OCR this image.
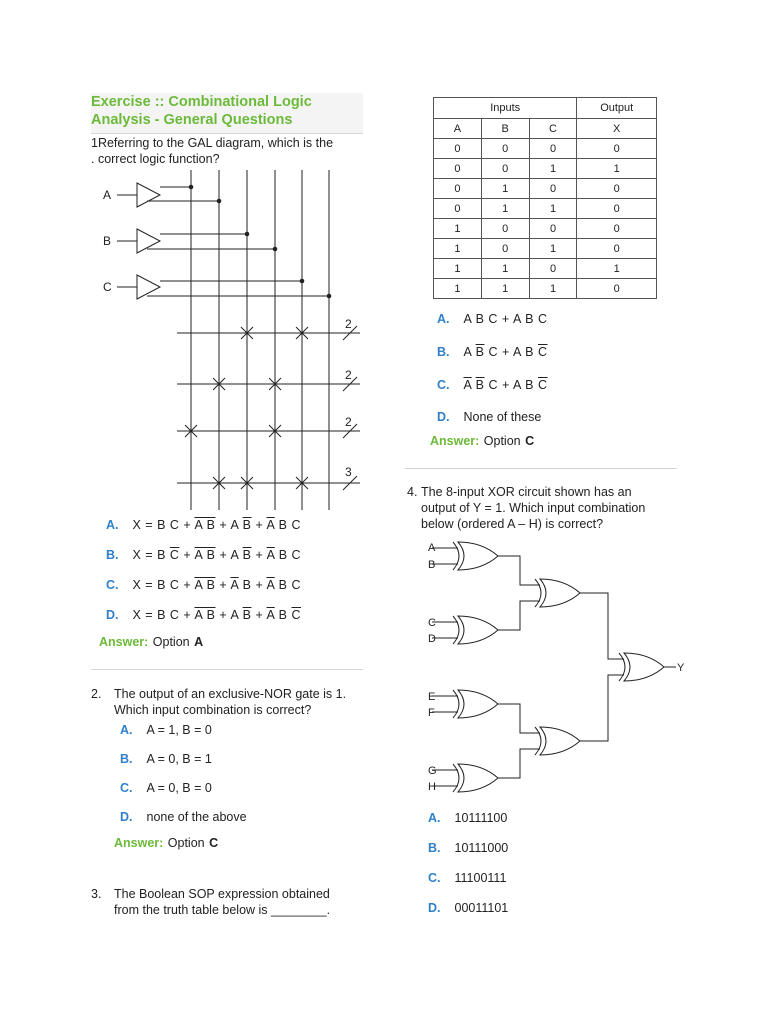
Exercise :: Combinational Logic
Analysis - General Questions
1Referring to the GAL diagram, which is the
. correct logic function?
A
B
C
2
2
2
3
A. X = B C + A B + A $\overline{B} + \overline{A}$ B C
B. X = B $\overline{C} + A$ B + A $\overline{B} + \overline{A}$ B C
C. X = B C + A $B + \overline{A}$ $B + \overline{A}$ B C
D. X = B C + A B + A $\overline{B} + \overline{A}$ B $\overline{C}$
Answer: Option A
2.	The output of an exclusive-NOR gate is 1.
Which input combination is correct?
A. A = 1, B = 0
B. A = 0, B = 1
C. A = 0, B = 0
D. none of the above
Answer: Option C
3.	The Boolean SOP expression obtained
from the truth table below is ________.
Inputs			Output
A	B	C	X
0	0	0	0
0	0	1	1
0	1	0	0
0	1	1	0
1	0	0	0
1	0	1	0
1	1	0	1
1	1	1	0
A. A B C + A B C
B. A $\overline{B}$ C + A B $\overline{C}$
C. $\overline{A}$ $\overline{B}$ C + A B $\overline{C}$
D. None of these
Answer: Option C
4. The 8-input XOR circuit shown has an
output of Y = 1. Which input combination
below (ordered A – H) is correct?
A
B
C
D
E
F
G
H
Y
A. 10111100
B. 10111000
C. 11100111
D. 00011101
